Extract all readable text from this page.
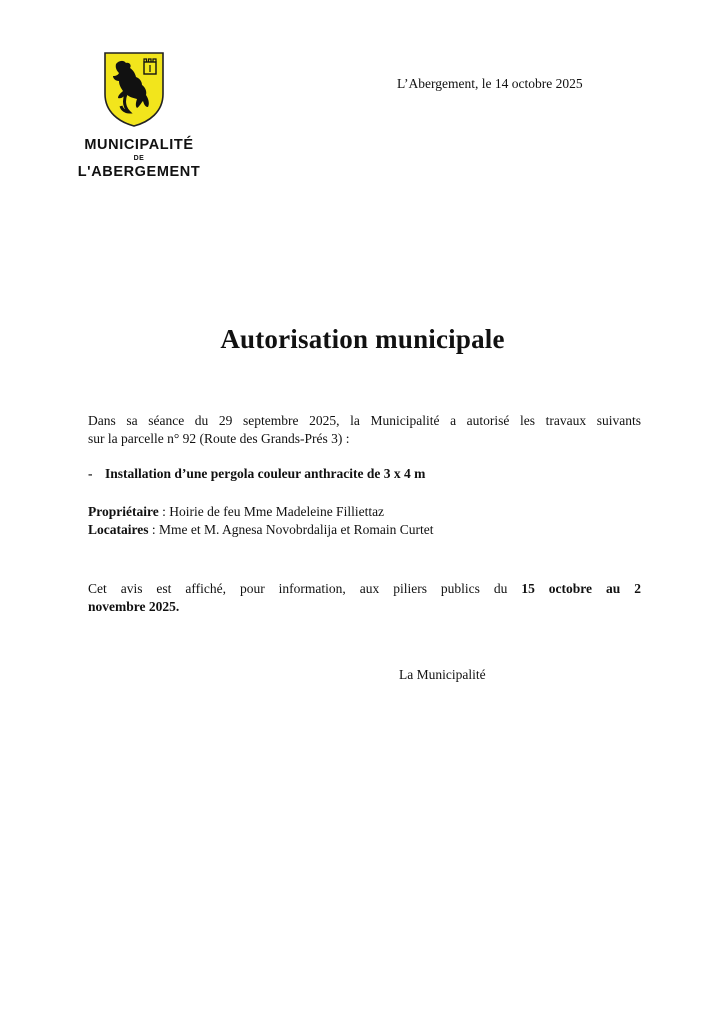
MUNICIPALITÉ
DE
L'ABERGEMENT
L’Abergement, le 14 octobre 2025
Autorisation municipale
Dans sa séance du 29 septembre 2025, la Municipalité a autorisé les travaux suivants
sur la parcelle n° 92 (Route des Grands-Prés 3) :
- Installation d’une pergola couleur anthracite de 3 x 4 m
Propriétaire : Hoirie de feu Mme Madeleine Filliettaz
Locataires : Mme et M. Agnesa Novobrdalija et Romain Curtet
Cet avis est affiché, pour information, aux piliers publics du 15 octobre au 2
novembre 2025.
La Municipalité
